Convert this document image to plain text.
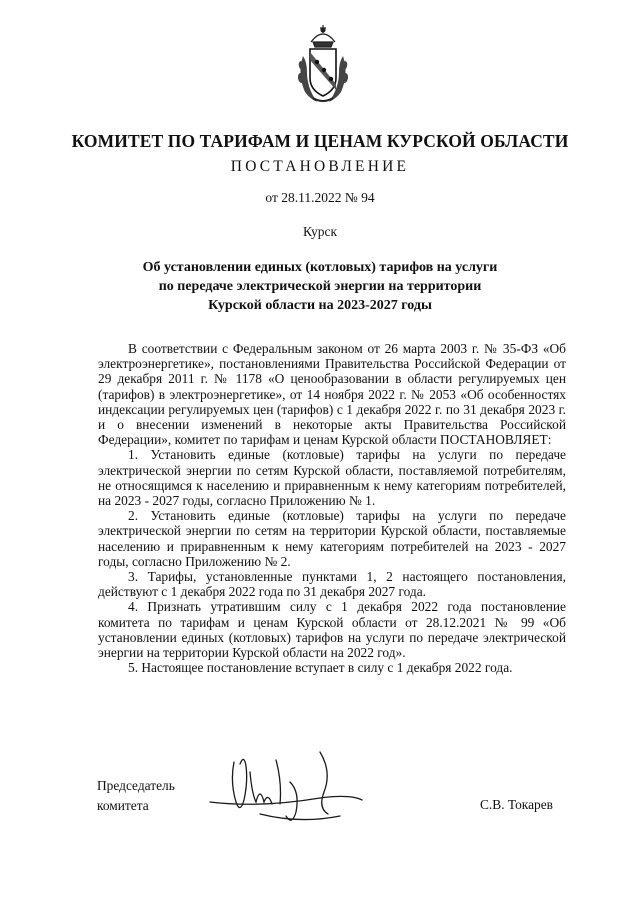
КОМИТЕТ ПО ТАРИФАМ И ЦЕНАМ КУРСКОЙ ОБЛАСТИ
ПОСТАНОВЛЕНИЕ
от 28.11.2022 № 94
Курск
Об установлении единых (котловых) тарифов на услуги
по передаче электрической энергии на территории
Курской области на 2023-2027 годы

В соответствии с Федеральным законом от 26 марта 2003 г. № 35-ФЗ «Об электроэнергетике», постановлениями Правительства Российской Федерации от 29 декабря 2011 г. № 1178 «О ценообразовании в области регулируемых цен (тарифов) в электроэнергетике», от 14 ноября 2022 г. № 2053 «Об особенностях индексации регулируемых цен (тарифов) с 1 декабря 2022 г. по 31 декабря 2023 г. и о внесении изменений в некоторые акты Правительства Российской Федерации», комитет по тарифам и ценам Курской области ПОСТАНОВЛЯЕТ:

1. Установить единые (котловые) тарифы на услуги по передаче электрической энергии по сетям Курской области, поставляемой потребителям, не относящимся к населению и приравненным к нему категориям потребителей, на 2023 - 2027 годы, согласно Приложению № 1.

2. Установить единые (котловые) тарифы на услуги по передаче электрической энергии по сетям на территории Курской области, поставляемые населению и приравненным к нему категориям потребителей на 2023 - 2027 годы, согласно Приложению № 2.

3. Тарифы, установленные пунктами 1, 2 настоящего постановления, действуют с 1 декабря 2022 года по 31 декабря 2027 года.

4. Признать утратившим силу с 1 декабря 2022 года постановление комитета по тарифам и ценам Курской области от 28.12.2021 № 99 «Об установлении единых (котловых) тарифов на услуги по передаче электрической энергии на территории Курской области на 2022 год».

5. Настоящее постановление вступает в силу с 1 декабря 2022 года.

Председатель
комитета	С.В. Токарев
